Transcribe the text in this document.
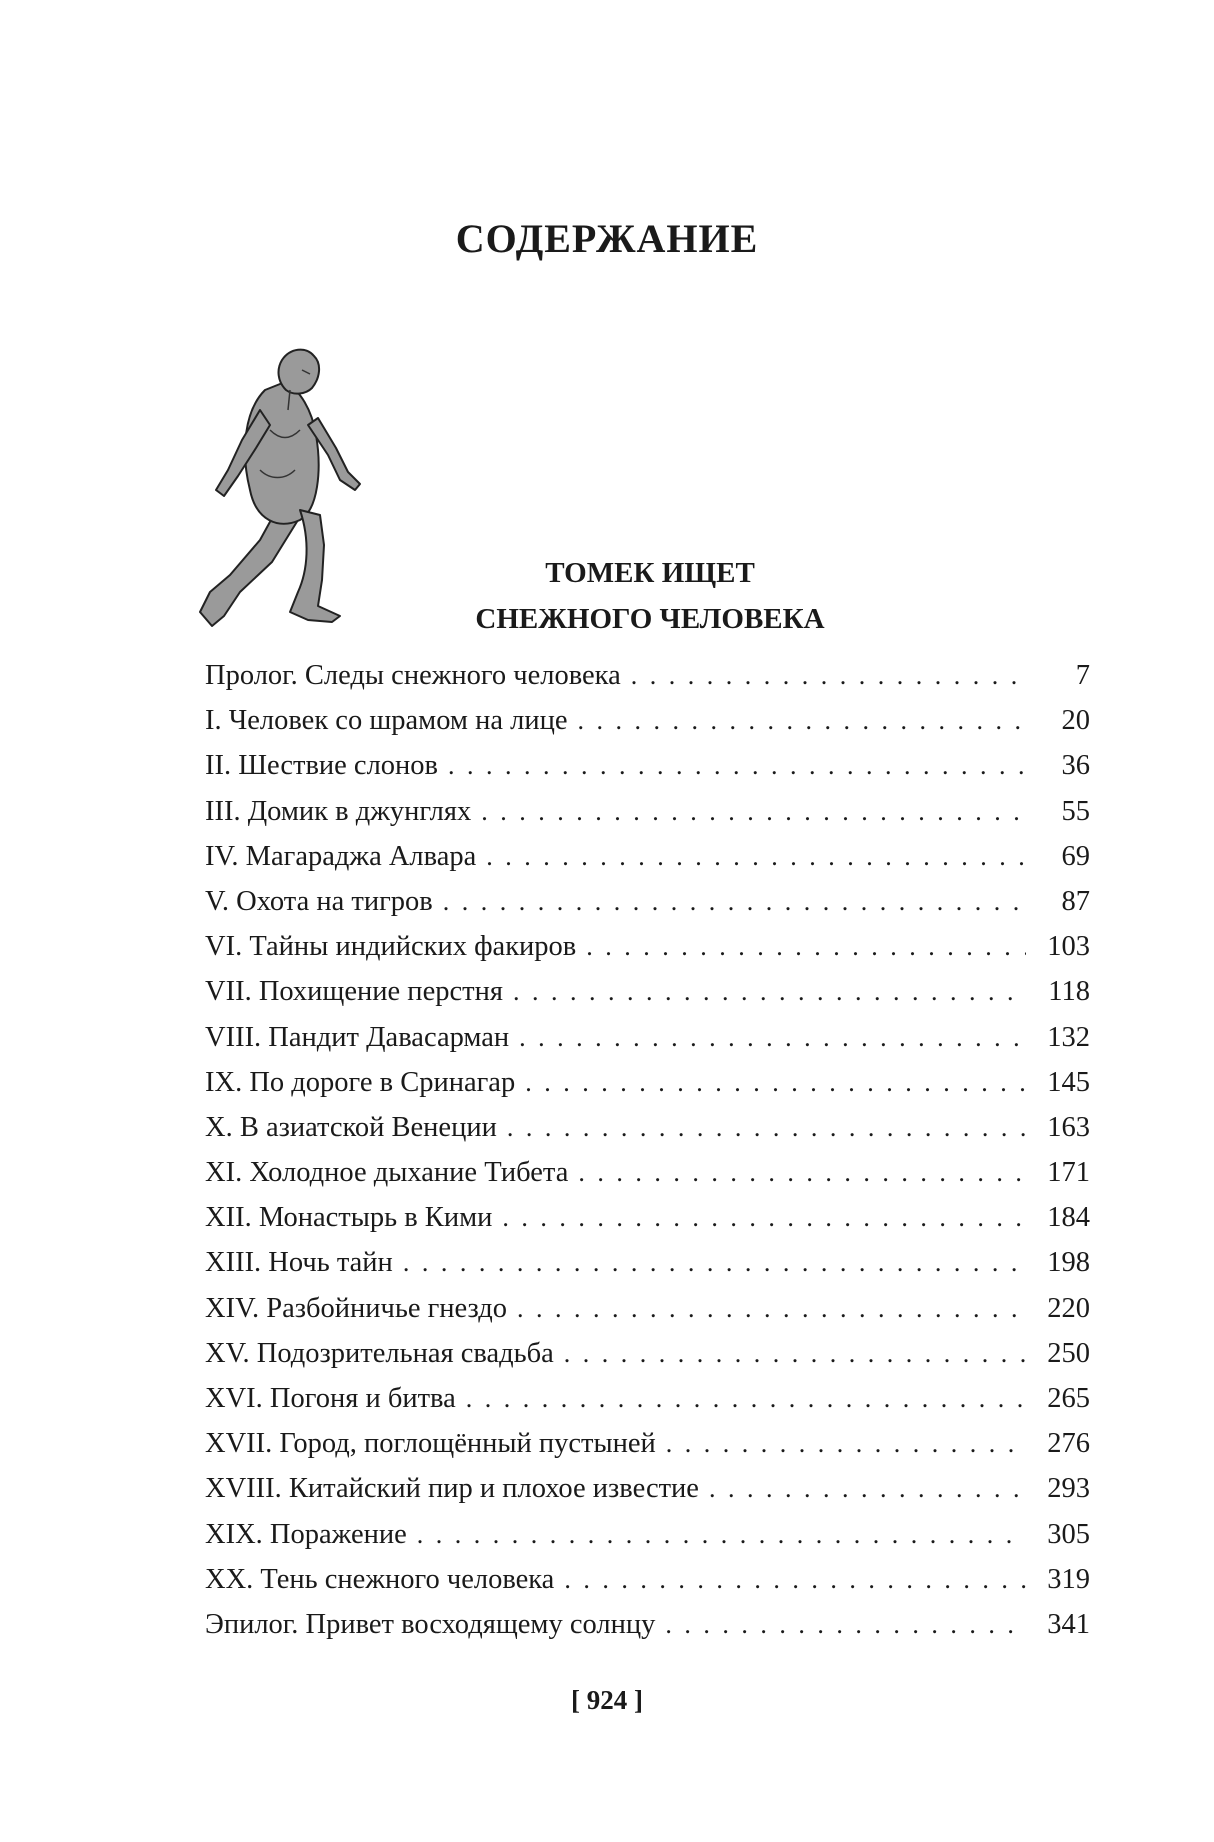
СОДЕРЖАНИЕ
ТОМЕК ИЩЕТ
СНЕЖНОГО ЧЕЛОВЕКА
Пролог. Следы снежного человека . . .	7
I. Человек со шрамом на лице . . .	20
II. Шествие слонов . . .	36
III. Домик в джунглях . . .	55
IV. Магараджа Алвара . . .	69
V. Охота на тигров . . .	87
VI. Тайны индийских факиров . . .	103
VII. Похищение перстня . . .	118
VIII. Пандит Давасарман . . .	132
IX. По дороге в Сринагар . . .	145
X. В азиатской Венеции . . .	163
XI. Холодное дыхание Тибета . . .	171
XII. Монастырь в Кими . . .	184
XIII. Ночь тайн . . .	198
XIV. Разбойничье гнездо . . .	220
XV. Подозрительная свадьба . . .	250
XVI. Погоня и битва . . .	265
XVII. Город, поглощённый пустыней . . .	276
XVIII. Китайский пир и плохое известие . . .	293
XIX. Поражение . . .	305
XX. Тень снежного человека . . .	319
Эпилог. Привет восходящему солнцу . . .	341
[ 924 ]
